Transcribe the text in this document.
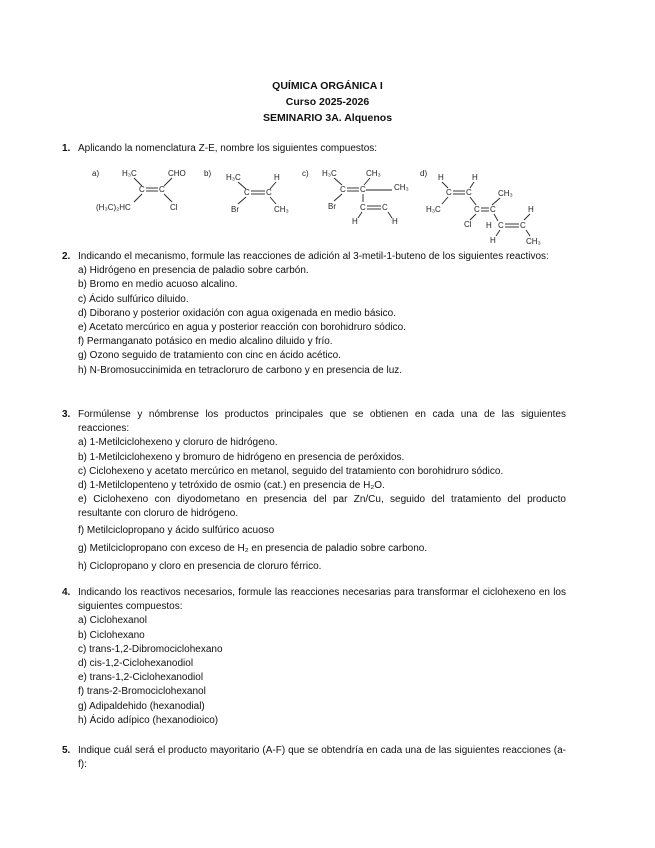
QUÍMICA ORGÁNICA I
Curso 2025-2026
SEMINARIO 3A. Alquenos
1. Aplicando la nomenclatura Z-E, nombre los siguientes compuestos:
a)	H₃C	CHO
C C
(H₃C)₂HC	Cl
b) H₃C	H
C C
Br	CH₃
c) H₃C	CH₃
C C	CH₃
Br	C C
H	H
d) H	H
C C
H₃C
CH₃
C C
Cl H C C
H
H	CH₃
2. Indicando el mecanismo, formule las reacciones de adición al 3-metil-1-buteno de los siguientes reactivos:
a) Hidrógeno en presencia de paladio sobre carbón.
b) Bromo en medio acuoso alcalino.
c) Ácido sulfúrico diluido.
d) Diborano y posterior oxidación con agua oxigenada en medio básico.
e) Acetato mercúrico en agua y posterior reacción con borohidruro sódico.
f) Permanganato potásico en medio alcalino diluido y frío.
g) Ozono seguido de tratamiento con cinc en ácido acético.
h) N-Bromosuccinimida en tetracloruro de carbono y en presencia de luz.
3. Formúlense y nómbrense los productos principales que se obtienen en cada una de las siguientes reacciones:
a) 1-Metilciclohexeno y cloruro de hidrógeno.
b) 1-Metilciclohexeno y bromuro de hidrógeno en presencia de peróxidos.
c) Ciclohexeno y acetato mercúrico en metanol, seguido del tratamiento con borohidruro sódico.
d) 1-Metilclopenteno y tetróxido de osmio (cat.) en presencia de H₂O.
e) Ciclohexeno con diyodometano en presencia del par Zn/Cu, seguido del tratamiento del producto resultante con cloruro de hidrógeno.
f) Metilciclopropano y ácido sulfúrico acuoso
g) Metilciclopropano con exceso de H₂ en presencia de paladio sobre carbono.
h) Ciclopropano y cloro en presencia de cloruro férrico.
4. Indicando los reactivos necesarios, formule las reacciones necesarias para transformar el ciclohexeno en los siguientes compuestos:
a) Ciclohexanol
b) Ciclohexano
c) trans-1,2-Dibromociclohexano
d) cis-1,2-Ciclohexanodiol
e) trans-1,2-Ciclohexanodiol
f) trans-2-Bromociclohexanol
g) Adipaldehido (hexanodial)
h) Ácido adípico (hexanodioico)
5. Indique cuál será el producto mayoritario (A-F) que se obtendría en cada una de las siguientes reacciones (a-f):
